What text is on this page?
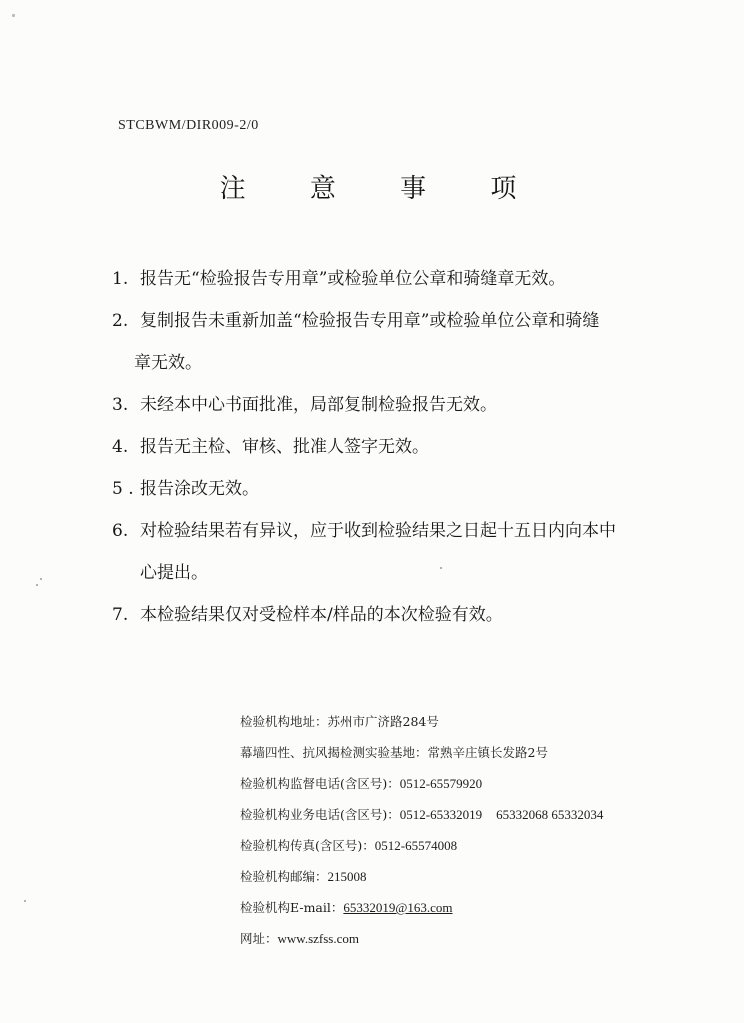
STCBWM/DIR009-2/0
注 意 事 项
1. 报告无“检验报告专用章”或检验单位公章和骑缝章无效。
2. 复制报告未重新加盖“检验报告专用章”或检验单位公章和骑缝
章无效。
3. 未经本中心书面批准，局部复制检验报告无效。
4. 报告无主检、审核、批准人签字无效。
5 . 报告涂改无效。
6. 对检验结果若有异议，应于收到检验结果之日起十五日内向本中
心提出。
7. 本检验结果仅对受检样本/样品的本次检验有效。
检验机构地址：苏州市广济路284号
幕墙四性、抗风揭检测实验基地：常熟辛庄镇长发路2号
检验机构监督电话(含区号)：0512-65579920
检验机构业务电话(含区号)：0512-65332019 65332068 65332034
检验机构传真(含区号)：0512-65574008
检验机构邮编：215008
检验机构E-mail：65332019@163.com
网址：www.szfss.com
